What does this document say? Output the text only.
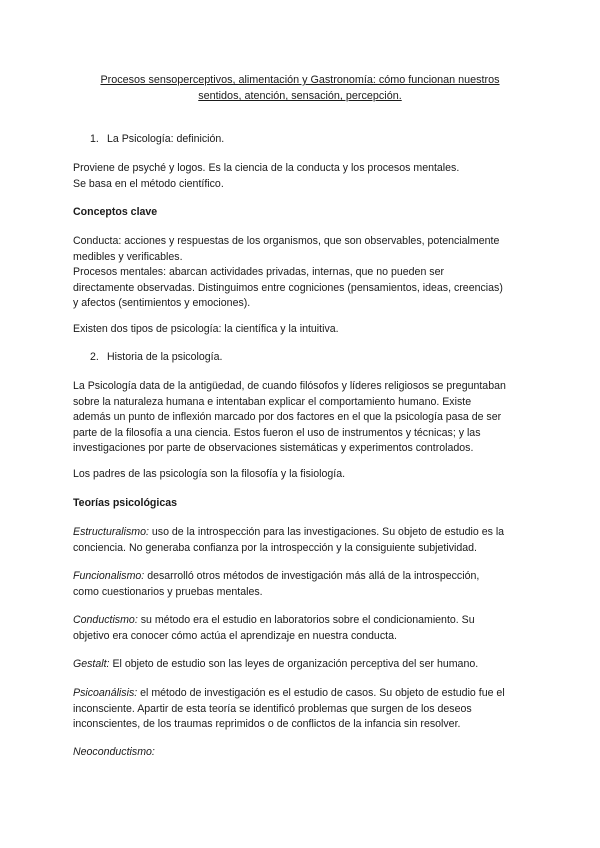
Procesos sensoperceptivos, alimentación y Gastronomía: cómo funcionan nuestros
sentidos, atención, sensación, percepción.
1. La Psicología: definición.
Proviene de psyché y logos. Es la ciencia de la conducta y los procesos mentales.
Se basa en el método científico.
Conceptos clave
Conducta: acciones y respuestas de los organismos, que son observables, potencialmente
medibles y verificables.
Procesos mentales: abarcan actividades privadas, internas, que no pueden ser
directamente observadas. Distinguimos entre cogniciones (pensamientos, ideas, creencias)
y afectos (sentimientos y emociones).
Existen dos tipos de psicología: la científica y la intuitiva.
2. Historia de la psicología.
La Psicología data de la antigüedad, de cuando filósofos y líderes religiosos se preguntaban
sobre la naturaleza humana e intentaban explicar el comportamiento humano. Existe
además un punto de inflexión marcado por dos factores en el que la psicología pasa de ser
parte de la filosofía a una ciencia. Estos fueron el uso de instrumentos y técnicas; y las
investigaciones por parte de observaciones sistemáticas y experimentos controlados.
Los padres de las psicología son la filosofía y la fisiología.
Teorías psicológicas
Estructuralismo: uso de la introspección para las investigaciones. Su objeto de estudio es la
conciencia. No generaba confianza por la introspección y la consiguiente subjetividad.
Funcionalismo: desarrolló otros métodos de investigación más allá de la introspección,
como cuestionarios y pruebas mentales.
Conductismo: su método era el estudio en laboratorios sobre el condicionamiento. Su
objetivo era conocer cómo actúa el aprendizaje en nuestra conducta.
Gestalt: El objeto de estudio son las leyes de organización perceptiva del ser humano.
Psicoanálisis: el método de investigación es el estudio de casos. Su objeto de estudio fue el
inconsciente. Apartir de esta teoría se identificó problemas que surgen de los deseos
inconscientes, de los traumas reprimidos o de conflictos de la infancia sin resolver.
Neoconductismo:
